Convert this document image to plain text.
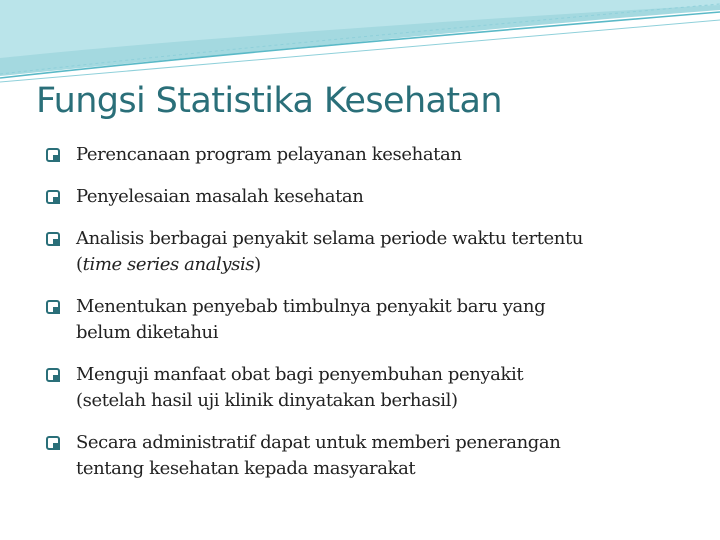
Fungsi Statistika Kesehatan
Perencanaan program pelayanan kesehatan
Penyelesaian masalah kesehatan
Analisis berbagai penyakit selama periode waktu tertentu
(time series analysis)
Menentukan penyebab timbulnya penyakit baru yang
belum diketahui
Menguji manfaat obat bagi penyembuhan penyakit
(setelah hasil uji klinik dinyatakan berhasil)
Secara administratif dapat untuk memberi penerangan
tentang kesehatan kepada masyarakat
